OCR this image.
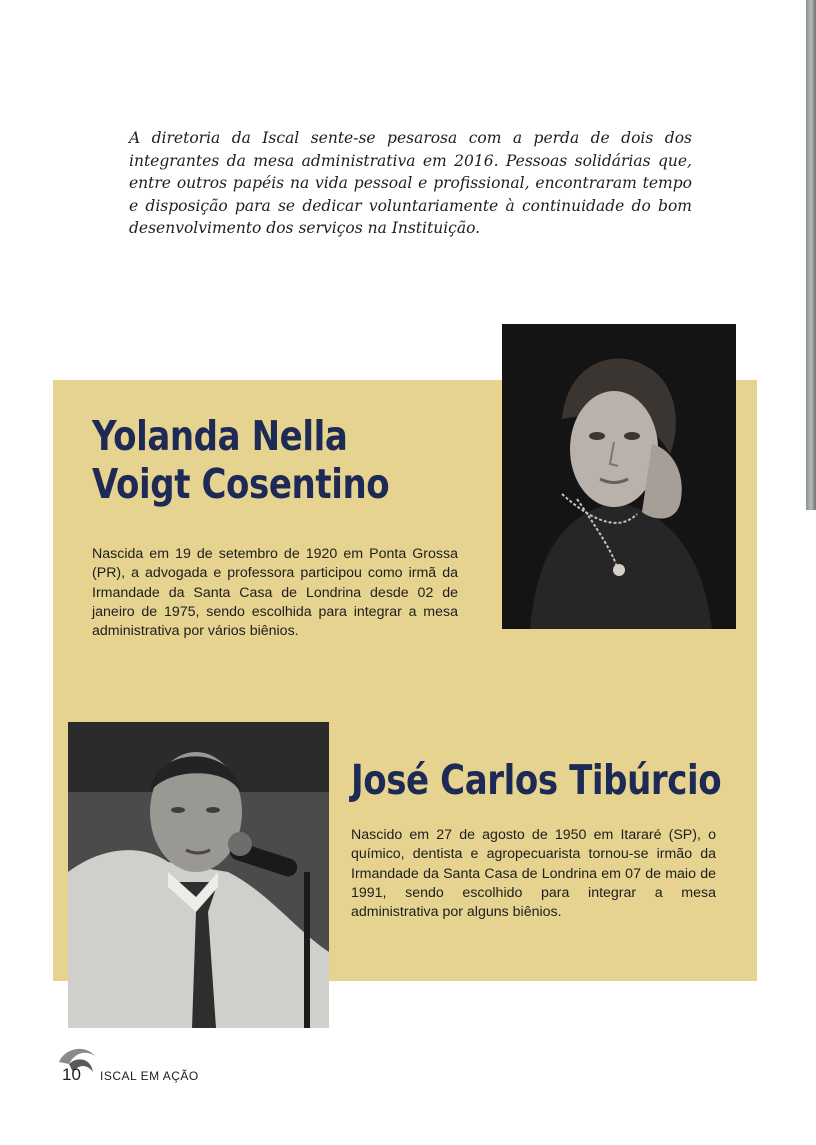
A diretoria da Iscal sente-se pesarosa com a perda de dois dos integrantes da mesa administrativa em 2016. Pessoas solidárias que, entre outros papéis na vida pessoal e profissional, encontraram tempo e disposição para se dedicar voluntariamente à continuidade do bom desenvolvimento dos serviços na Instituição.

Yolanda Nella
Voigt Cosentino

Nascida em 19 de setembro de 1920 em Ponta Grossa (PR), a advogada e professora participou como irmã da Irmandade da Santa Casa de Londrina desde 02 de janeiro de 1975, sendo escolhida para integrar a mesa administrativa por vários biênios.

José Carlos Tibúrcio

Nascido em 27 de agosto de 1950 em Itararé (SP), o químico, dentista e agropecuarista tornou-se irmão da Irmandade da Santa Casa de Londrina em 07 de maio de 1991, sendo escolhido para integrar a mesa administrativa por alguns biênios.

10 ISCAL EM AÇÃO
